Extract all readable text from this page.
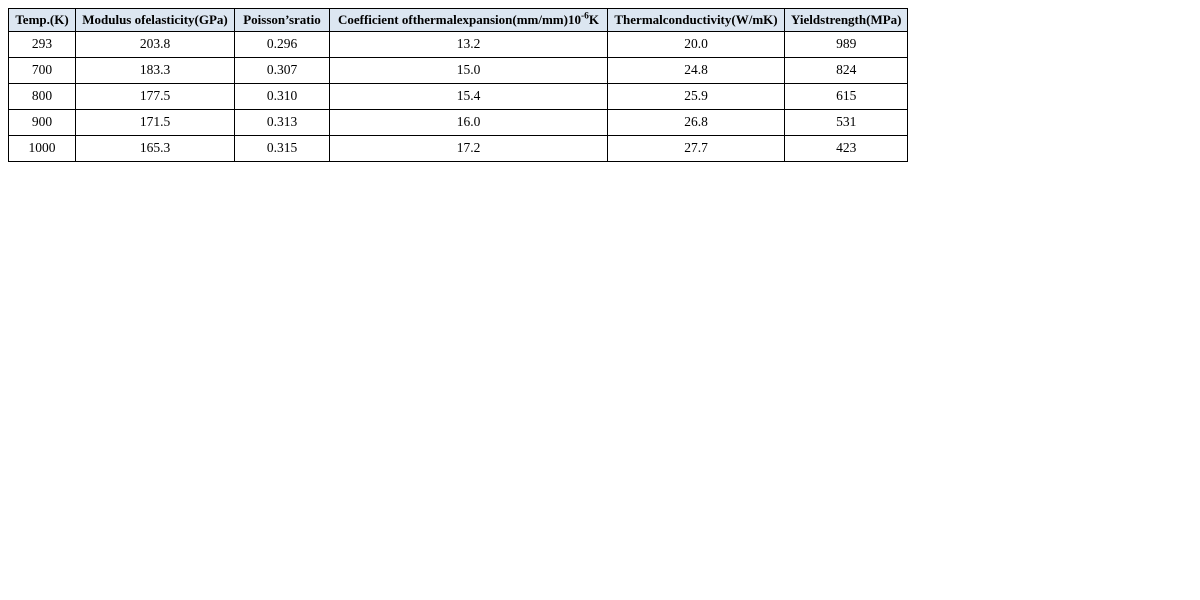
Temp.(K)	Modulus ofelasticity(GPa)	Poisson’sratio	Coefficient $ofthermalexpansion(mm/mm)10^{-6}K$	Thermalconductivity(W/mK)	Yieldstrength(MPa)
293	203.8	0.296	13.2	20.0	989
700	183.3	0.307	15.0	24.8	824
800	177.5	0.310	15.4	25.9	615
900	171.5	0.313	16.0	26.8	531
1000	165.3	0.315	17.2	27.7	423
